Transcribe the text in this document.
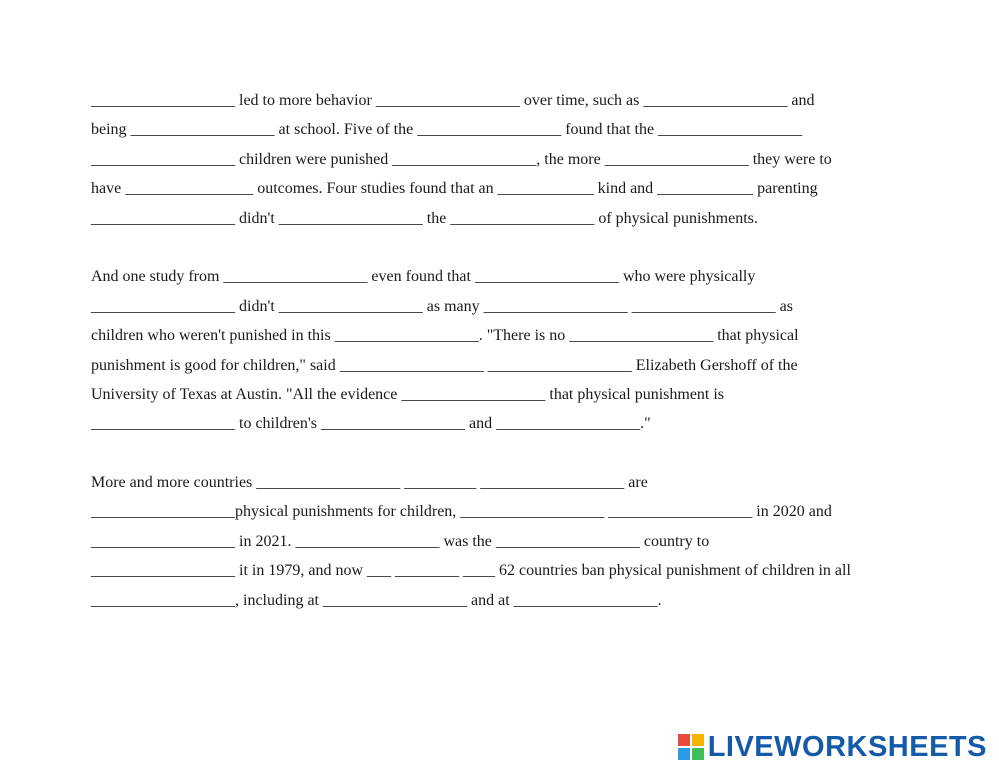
__________________ led to more behavior __________________ over time, such as __________________ and
being __________________ at school. Five of the __________________ found that the __________________
__________________ children were punished __________________, the more __________________ they were to
have ________________ outcomes. Four studies found that an ____________ kind and ____________ parenting
__________________ didn't __________________ the __________________ of physical punishments.

And one study from __________________ even found that __________________ who were physically
__________________ didn't __________________ as many __________________ __________________ as
children who weren't punished in this __________________. "There is no __________________ that physical
punishment is good for children," said __________________ __________________ Elizabeth Gershoff of the
University of Texas at Austin. "All the evidence __________________ that physical punishment is
__________________ to children's __________________ and __________________."

More and more countries __________________ _________ __________________ are
__________________physical punishments for children, __________________ __________________ in 2020 and
__________________ in 2021. __________________ was the __________________ country to
__________________ it in 1979, and now ___ ________ ____ 62 countries ban physical punishment of children in all
__________________, including at __________________ and at __________________.

LIVEWORKSHEETS
